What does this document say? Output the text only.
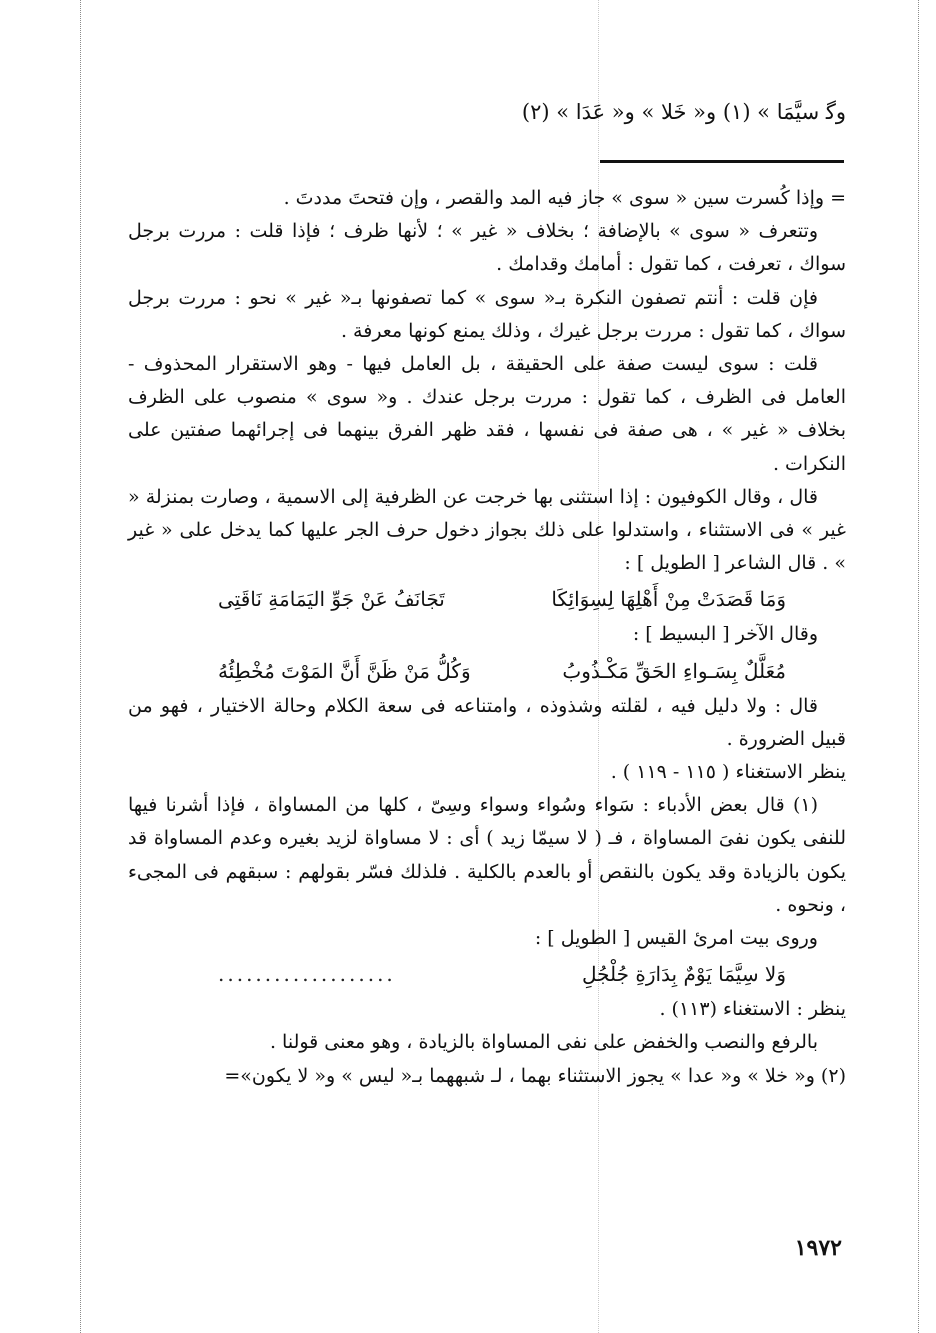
وﮔ سيَّمَا » (١) و« خَلا » و« عَدَا » (٢)

= وإذا كُسرت سين « سوى » جاز فيه المد والقصر ، وإن فتحتَ مددتَ .

وتتعرف « سوى » بالإضافة ؛ بخلاف « غير » ؛ لأنها ظرف ؛ فإذا قلت : مررت برجل سواك ، تعرفت ، كما تقول : أمامك وقدامك .

فإن قلت : أنتم تصفون النكرة بـ« سوى » كما تصفونها بـ« غير » نحو : مررت برجل سواك ، كما تقول : مررت برجل غيرك ، وذلك يمنع كونها معرفة .

قلت : سوى ليست صفة على الحقيقة ، بل العامل فيها - وهو الاستقرار المحذوف - العامل فى الظرف ، كما تقول : مررت برجل عندك . و« سوى » منصوب على الظرف بخلاف « غير » ، هى صفة فى نفسها ، فقد ظهر الفرق بينهما فى إجرائهما صفتين على النكرات .

قال ، وقال الكوفيون : إذا استثنى بها خرجت عن الظرفية إلى الاسمية ، وصارت بمنزلة « غير » فى الاستثناء ، واستدلوا على ذلك بجواز دخول حرف الجر عليها كما يدخل على « غير » . قال الشاعر [ الطويل ] :

تَجَانَفُ عَنْ جَوِّ اليَمَامَةِ نَاقَتِى	وَمَا قَصَدَتْ مِنْ أَهْلِهَا لِسِوَائِكَا

وقال الآخر [ البسيط ] :

وَكُلُّ مَنْ ظَنَّ أَنَّ المَوْتَ مُخْطِئُهُ	مُعَلَّلٌ بِسَـواءِ الحَقِّ مَكْـذُوبُ

قال : ولا دليل فيه ، لقلته وشذوذه ، وامتناعه فى سعة الكلام وحالة الاختيار ، فهو من قبيل الضرورة .

ينظر الاستغناء ( ١١٥ - ١١٩ ) .

(١) قال بعض الأدباء : سَواء وسُواء وسواء وسِىّ ، كلها من المساواة ، فإذا أشرنا فيها للنفى يكون نفىَ المساواة ، فـ ( لا سيمّا زيد ) أى : لا مساواة لزيد بغيره وعدم المساواة قد يكون بالزيادة وقد يكون بالنقص أو بالعدم بالكلية . فلذلك فسّر بقولهم : سبقهم فى المجىء ، ونحوه .

وروى بيت امرئ القيس [ الطويل ] :

...................	وَلا سِيَّمَا يَوْمٌ بِدَارَةِ جُلْجُلِ

ينظر : الاستغناء (١١٣) .

بالرفع والنصب والخفض على نفى المساواة بالزيادة ، وهو معنى قولنا .

(٢) و« خلا » و« عدا » يجوز الاستثناء بهما ، لـ شبههما بـ« ليس » و« لا يكون»=

١٩٧٢
